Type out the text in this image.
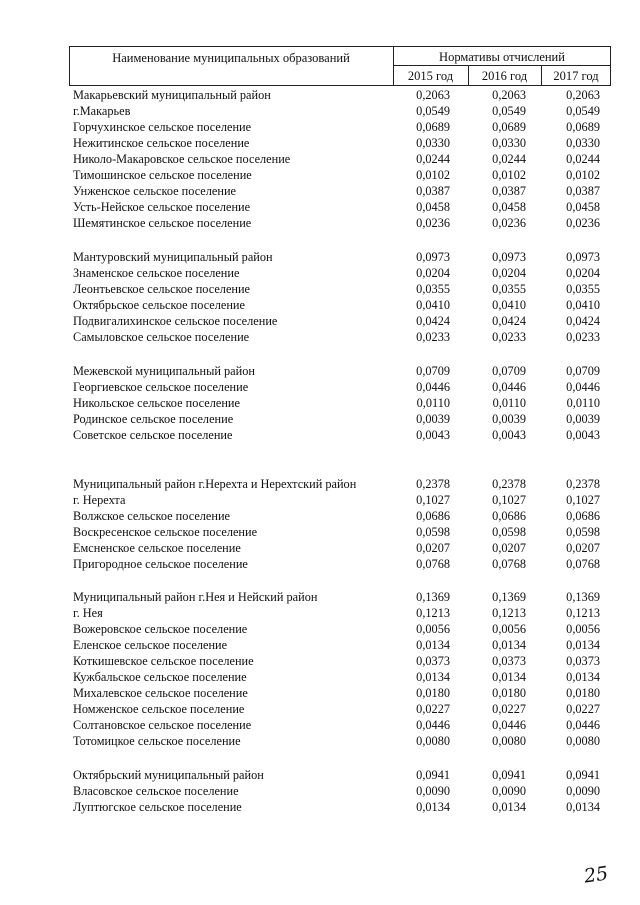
Наименование муниципальных образований	Нормативы отчислений
2015 год	2016 год	2017 год
Макарьевский муниципальный район	0,2063	0,2063	0,2063
г.Макарьев	0,0549	0,0549	0,0549
Горчухинское сельское поселение	0,0689	0,0689	0,0689
Нежитинское сельское поселение	0,0330	0,0330	0,0330
Николо-Макаровское сельское поселение	0,0244	0,0244	0,0244
Тимошинское сельское поселение	0,0102	0,0102	0,0102
Унженское сельское поселение	0,0387	0,0387	0,0387
Усть-Нейское сельское поселение	0,0458	0,0458	0,0458
Шемятинское сельское поселение	0,0236	0,0236	0,0236
Мантуровский муниципальный район	0,0973	0,0973	0,0973
Знаменское сельское поселение	0,0204	0,0204	0,0204
Леонтьевское сельское поселение	0,0355	0,0355	0,0355
Октябрьское сельское поселение	0,0410	0,0410	0,0410
Подвигалихинское сельское поселение	0,0424	0,0424	0,0424
Самыловское сельское поселение	0,0233	0,0233	0,0233
Межевской муниципальный район	0,0709	0,0709	0,0709
Георгиевское сельское поселение	0,0446	0,0446	0,0446
Никольское сельское поселение	0,0110	0,0110	0,0110
Родинское сельское поселение	0,0039	0,0039	0,0039
Советское сельское поселение	0,0043	0,0043	0,0043
Муниципальный район г.Нерехта и Нерехтский район	0,2378	0,2378	0,2378
г. Нерехта	0,1027	0,1027	0,1027
Волжское сельское поселение	0,0686	0,0686	0,0686
Воскресенское сельское поселение	0,0598	0,0598	0,0598
Емсненское сельское поселение	0,0207	0,0207	0,0207
Пригородное сельское поселение	0,0768	0,0768	0,0768
Муниципальный район г.Нея и Нейский район	0,1369	0,1369	0,1369
г. Нея	0,1213	0,1213	0,1213
Вожеровское сельское поселение	0,0056	0,0056	0,0056
Еленское сельское поселение	0,0134	0,0134	0,0134
Коткишевское сельское поселение	0,0373	0,0373	0,0373
Кужбальское сельское поселение	0,0134	0,0134	0,0134
Михалевское сельское поселение	0,0180	0,0180	0,0180
Номженское сельское поселение	0,0227	0,0227	0,0227
Солтановское сельское поселение	0,0446	0,0446	0,0446
Тотомицкое сельское поселение	0,0080	0,0080	0,0080
Октябрьский муниципальный район	0,0941	0,0941	0,0941
Власовское сельское поселение	0,0090	0,0090	0,0090
Луптюгское сельское поселение	0,0134	0,0134	0,0134
25
